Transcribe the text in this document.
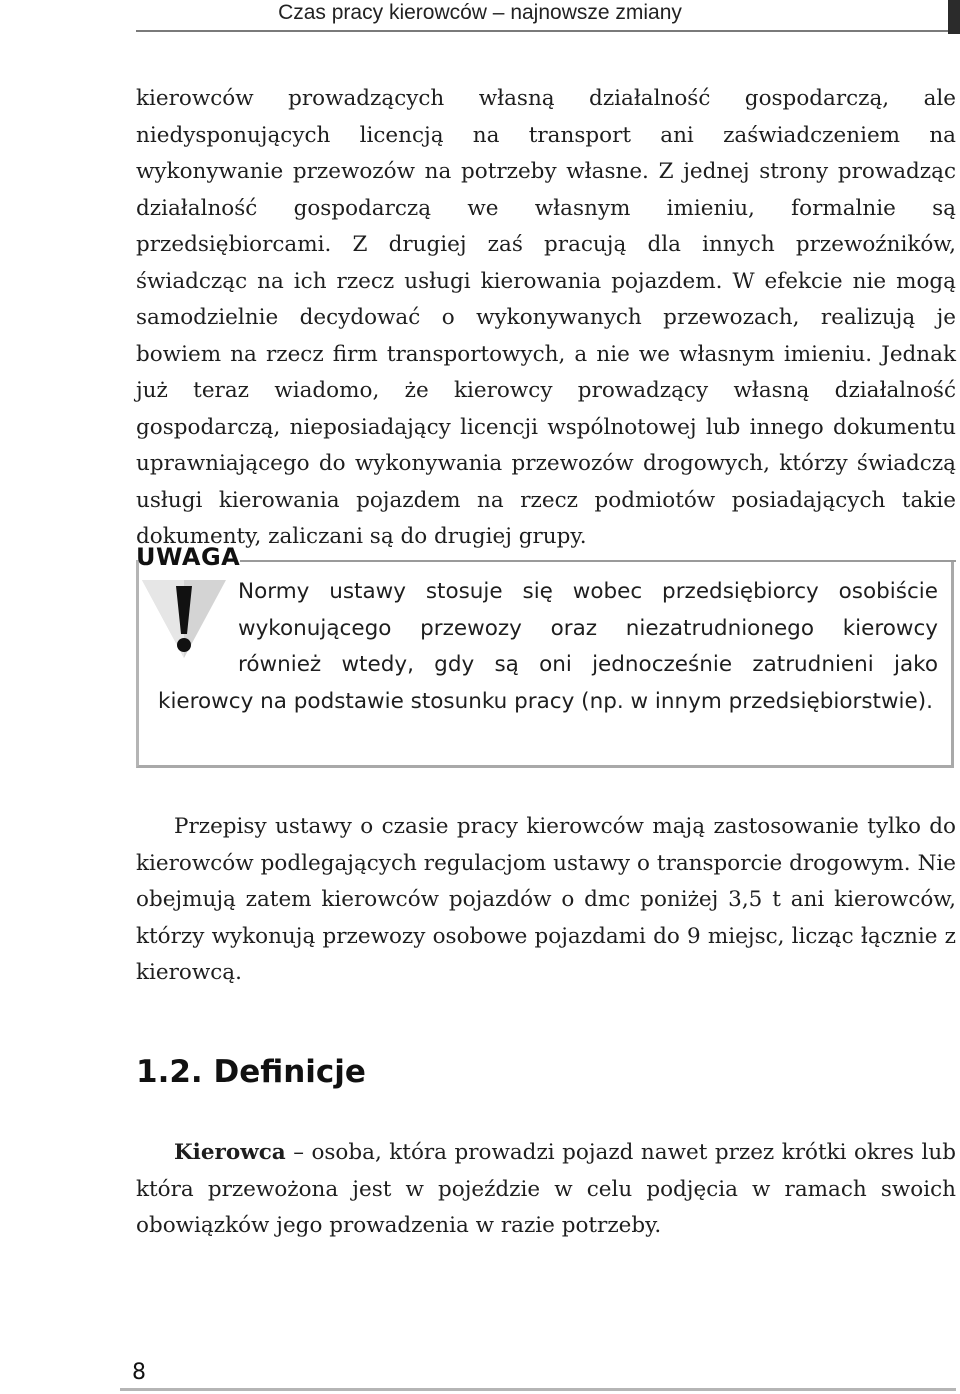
Czas pracy kierowców – najnowsze zmiany

kierowców prowadzących własną działalność gospodarczą, ale niedysponujących licencją na transport ani zaświadczeniem na wykonywanie przewozów na potrzeby własne. Z jednej strony prowadząc działalność gospodarczą we własnym imieniu, formalnie są przedsiębiorcami. Z drugiej zaś pracują dla innych przewoźników, świadcząc na ich rzecz usługi kierowania pojazdem. W efekcie nie mogą samodzielnie decydować o wykonywanych przewozach, realizują je bowiem na rzecz firm transportowych, a nie we własnym imieniu. Jednak już teraz wiadomo, że kierowcy prowadzący własną działalność gospodarczą, nieposiadający licencji wspólnotowej lub innego dokumentu uprawniającego do wykonywania przewozów drogowych, którzy świadczą usługi kierowania pojazdem na rzecz podmiotów posiadających takie dokumenty, zaliczani są do drugiej grupy.

UWAGA

Normy ustawy stosuje się wobec przedsiębiorcy osobiście wykonującego przewozy oraz niezatrudnionego kierowcy również wtedy, gdy są oni jednocześnie zatrudnieni jako kierowcy na podstawie stosunku pracy (np. w innym przedsiębiorstwie).

Przepisy ustawy o czasie pracy kierowców mają zastosowanie tylko do kierowców podlegających regulacjom ustawy o transporcie drogowym. Nie obejmują zatem kierowców pojazdów o dmc poniżej 3,5 t ani kierowców, którzy wykonują przewozy osobowe pojazdami do 9 miejsc, licząc łącznie z kierowcą.

1.2. Definicje

Kierowca – osoba, która prowadzi pojazd nawet przez krótki okres lub która przewożona jest w pojeździe w celu podjęcia w ramach swoich obowiązków jego prowadzenia w razie potrzeby.

8
